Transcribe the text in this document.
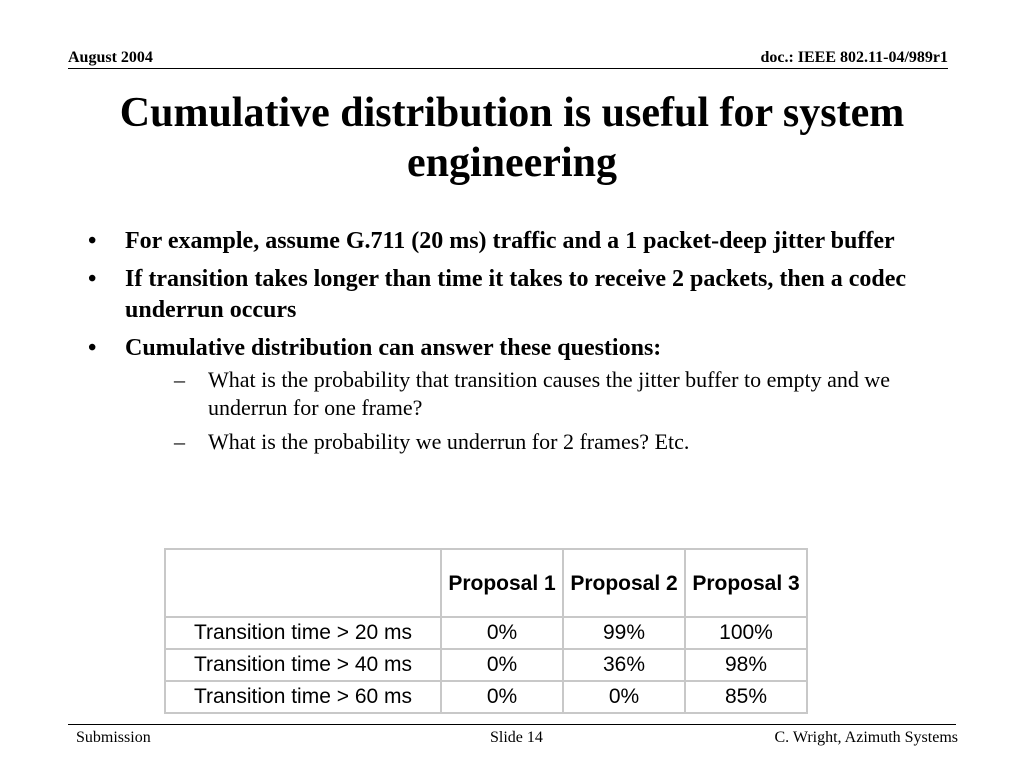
August 2004	doc.: IEEE 802.11-04/989r1
Cumulative distribution is useful for system engineering
• For example, assume G.711 (20 ms) traffic and a 1 packet-deep jitter buffer
• If transition takes longer than time it takes to receive 2 packets, then a codec underrun occurs
• Cumulative distribution can answer these questions:
–	What is the probability that transition causes the jitter buffer to empty and we underrun for one frame?
–	What is the probability we underrun for 2 frames? Etc.
	Proposal 1	Proposal 2	Proposal 3
Transition time > 20 ms	0%	99%	100%
Transition time > 40 ms	0%	36%	98%
Transition time > 60 ms	0%	0%	85%
Submission	Slide 14	C. Wright, Azimuth Systems
